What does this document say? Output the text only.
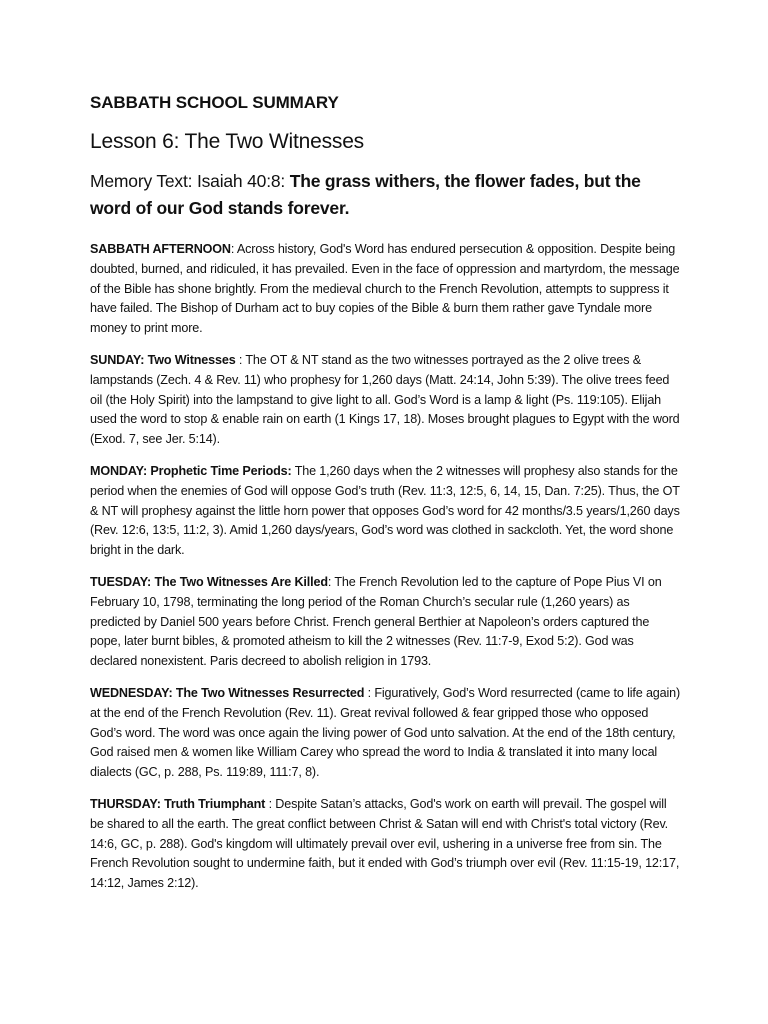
SABBATH SCHOOL SUMMARY
Lesson 6: The Two Witnesses
Memory Text: Isaiah 40:8: The grass withers, the flower fades, but the word of our God stands forever.

SABBATH AFTERNOON: Across history, God's Word has endured persecution & opposition. Despite being doubted, burned, and ridiculed, it has prevailed. Even in the face of oppression and martyrdom, the message of the Bible has shone brightly. From the medieval church to the French Revolution, attempts to suppress it have failed. The Bishop of Durham act to buy copies of the Bible & burn them rather gave Tyndale more money to print more.

SUNDAY: Two Witnesses : The OT & NT stand as the two witnesses portrayed as the 2 olive trees & lampstands (Zech. 4 & Rev. 11) who prophesy for 1,260 days (Matt. 24:14, John 5:39). The olive trees feed oil (the Holy Spirit) into the lampstand to give light to all. God’s Word is a lamp & light (Ps. 119:105). Elijah used the word to stop & enable rain on earth (1 Kings 17, 18). Moses brought plagues to Egypt with the word (Exod. 7, see Jer. 5:14).

MONDAY: Prophetic Time Periods: The 1,260 days when the 2 witnesses will prophesy also stands for the period when the enemies of God will oppose God’s truth (Rev. 11:3, 12:5, 6, 14, 15, Dan. 7:25). Thus, the OT & NT will prophesy against the little horn power that opposes God’s word for 42 months/3.5 years/1,260 days (Rev. 12:6, 13:5, 11:2, 3). Amid 1,260 days/years, God’s word was clothed in sackcloth. Yet, the word shone bright in the dark.

TUESDAY: The Two Witnesses Are Killed: The French Revolution led to the capture of Pope Pius VI on February 10, 1798, terminating the long period of the Roman Church’s secular rule (1,260 years) as predicted by Daniel 500 years before Christ. French general Berthier at Napoleon’s orders captured the pope, later burnt bibles, & promoted atheism to kill the 2 witnesses (Rev. 11:7-9, Exod 5:2). God was declared nonexistent. Paris decreed to abolish religion in 1793.

WEDNESDAY: The Two Witnesses Resurrected : Figuratively, God’s Word resurrected (came to life again) at the end of the French Revolution (Rev. 11). Great revival followed & fear gripped those who opposed God’s word. The word was once again the living power of God unto salvation. At the end of the 18th century, God raised men & women like William Carey who spread the word to India & translated it into many local dialects (GC, p. 288, Ps. 119:89, 111:7, 8).

THURSDAY: Truth Triumphant : Despite Satan’s attacks, God's work on earth will prevail. The gospel will be shared to all the earth. The great conflict between Christ & Satan will end with Christ's total victory (Rev. 14:6, GC, p. 288). God's kingdom will ultimately prevail over evil, ushering in a universe free from sin. The French Revolution sought to undermine faith, but it ended with God’s triumph over evil (Rev. 11:15-19, 12:17, 14:12, James 2:12).
